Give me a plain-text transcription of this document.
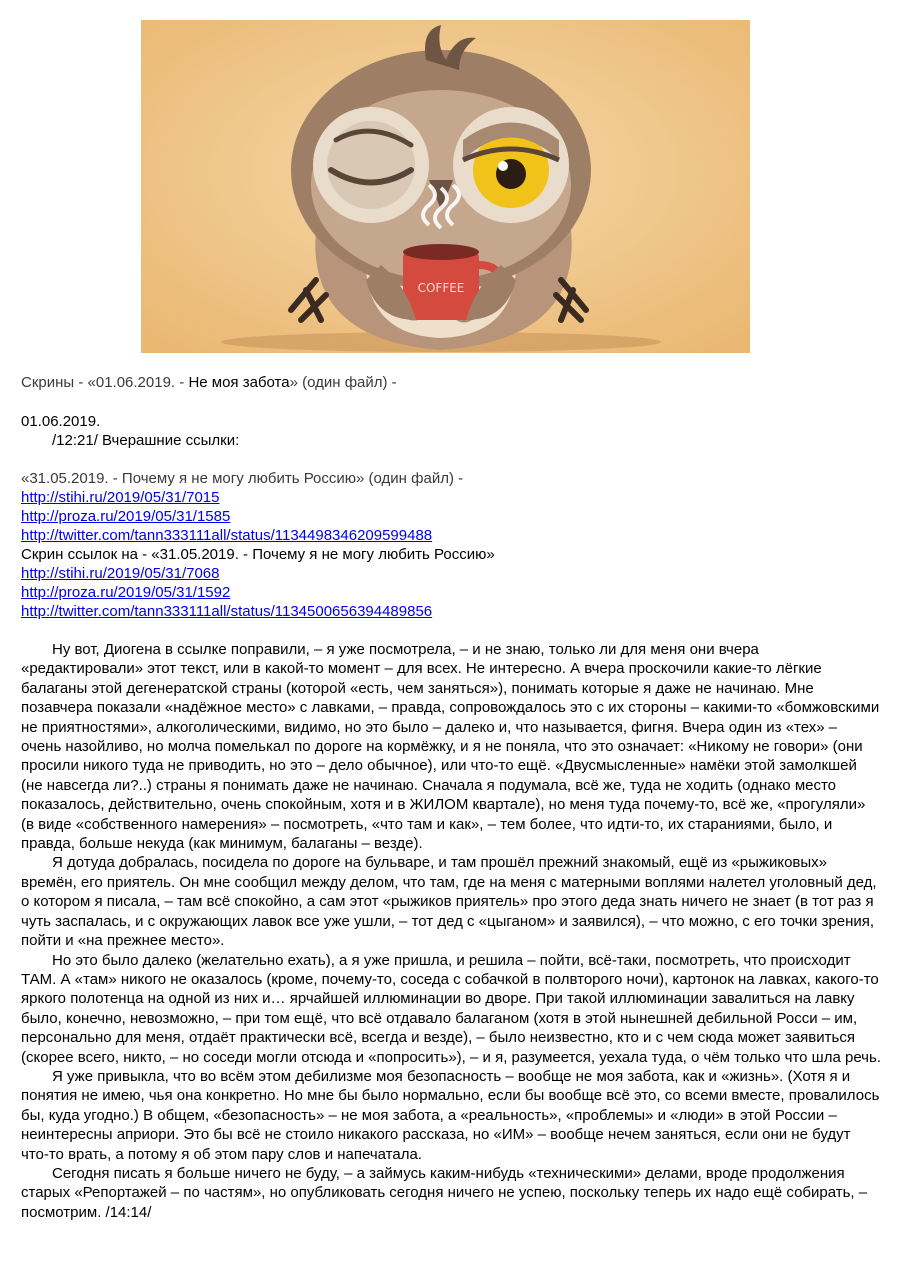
COFFEE
Скрины - «01.06.2019. - Не моя забота» (один файл) -
01.06.2019.
/12:21/ Вчерашние ссылки:
«31.05.2019. - Почему я не могу любить Россию» (один файл) -
http://stihi.ru/2019/05/31/7015
http://proza.ru/2019/05/31/1585
http://twitter.com/tann333111all/status/1134498346209599488
Скрин ссылок на - «31.05.2019. - Почему я не могу любить Россию»
http://stihi.ru/2019/05/31/7068
http://proza.ru/2019/05/31/1592
http://twitter.com/tann333111all/status/1134500656394489856

Ну вот, Диогена в ссылке поправили, – я уже посмотрела, – и не знаю, только ли для меня они вчера «редактировали» этот текст, или в какой-то момент – для всех. Не интересно. А вчера проскочили какие-то лёгкие балаганы этой дегенератской страны (которой «есть, чем заняться»), понимать которые я даже не начинаю. Мне позавчера показали «надёжное место» с лавками, – правда, сопровождалось это с их стороны – какими-то «бомжовскими не приятностями», алкоголическими, видимо, но это было – далеко и, что называется, фигня. Вчера один из «тех» – очень назойливо, но молча помелькал по дороге на кормёжку, и я не поняла, что это означает: «Никому не говори» (они просили никого туда не приводить, но это – дело обычное), или что-то ещё. «Двусмысленные» намёки этой замолкшей (не навсегда ли?..) страны я понимать даже не начинаю. Сначала я подумала, всё же, туда не ходить (однако место показалось, действительно, очень спокойным, хотя и в ЖИЛОМ квартале), но меня туда почему-то, всё же, «прогуляли» (в виде «собственного намерения» – посмотреть, «что там и как», – тем более, что идти-то, их стараниями, было, и правда, больше некуда (как минимум, балаганы – везде).

Я дотуда добралась, посидела по дороге на бульваре, и там прошёл прежний знакомый, ещё из «рыжиковых» времён, его приятель. Он мне сообщил между делом, что там, где на меня с матерными воплями налетел уголовный дед, о котором я писала, – там всё спокойно, а сам этот «рыжиков приятель» про этого деда знать ничего не знает (в тот раз я чуть заспалась, и с окружающих лавок все уже ушли, – тот дед с «цыганом» и заявился), – что можно, с его точки зрения, пойти и «на прежнее место».

Но это было далеко (желательно ехать), а я уже пришла, и решила – пойти, всё-таки, посмотреть, что происходит ТАМ. А «там» никого не оказалось (кроме, почему-то, соседа с собачкой в полвторого ночи), картонок на лавках, какого-то яркого полотенца на одной из них и… ярчайшей иллюминации во дворе. При такой иллюминации завалиться на лавку было, конечно, невозможно, – при том ещё, что всё отдавало балаганом (хотя в этой нынешней дебильной Росси – им, персонально для меня, отдаёт практически всё, всегда и везде), – было неизвестно, кто и с чем сюда может заявиться (скорее всего, никто, – но соседи могли отсюда и «попросить»), – и я, разумеется, уехала туда, о чём только что шла речь.

Я уже привыкла, что во всём этом дебилизме моя безопасность – вообще не моя забота, как и «жизнь». (Хотя я и понятия не имею, чья она конкретно. Но мне бы было нормально, если бы вообще всё это, со всеми вместе, провалилось бы, куда угодно.) В общем, «безопасность» – не моя забота, а «реальность», «проблемы» и «люди» в этой России – неинтересны априори. Это бы всё не стоило никакого рассказа, но «ИМ» – вообще нечем заняться, если они не будут что-то врать, а потому я об этом пару слов и напечатала.

Сегодня писать я больше ничего не буду, – а займусь каким-нибудь «техническими» делами, вроде продолжения старых «Репортажей – по частям», но опубликовать сегодня ничего не успею, поскольку теперь их надо ещё собирать, – посмотрим. /14:14/
